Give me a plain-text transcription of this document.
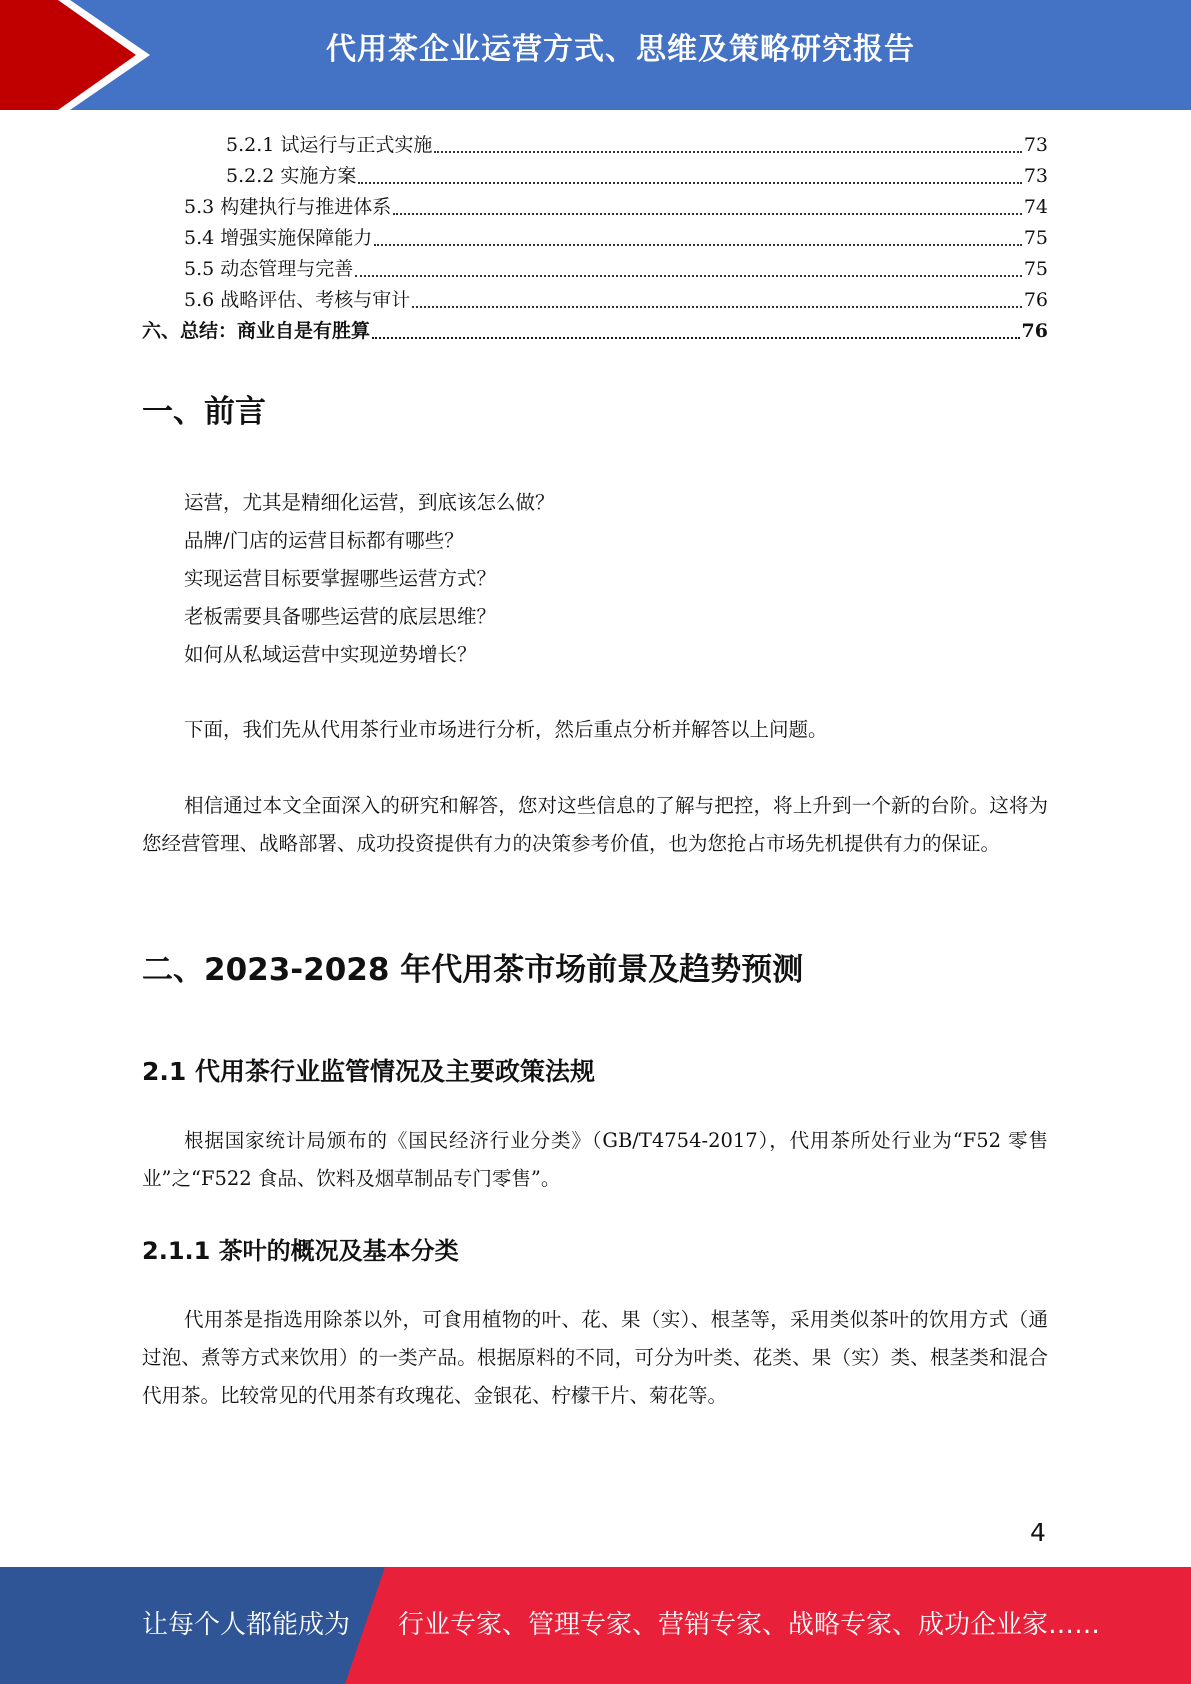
代用茶企业运营方式、思维及策略研究报告
5.2.1 试运行与正式实施	73
5.2.2 实施方案	73
5.3 构建执行与推进体系	74
5.4 增强实施保障能力	75
5.5 动态管理与完善	75
5.6 战略评估、考核与审计	76
六、总结：商业自是有胜算	76
一、前言
运营，尤其是精细化运营，到底该怎么做？
品牌/门店的运营目标都有哪些？
实现运营目标要掌握哪些运营方式？
老板需要具备哪些运营的底层思维？
如何从私域运营中实现逆势增长？

下面，我们先从代用茶行业市场进行分析，然后重点分析并解答以上问题。

相信通过本文全面深入的研究和解答，您对这些信息的了解与把控，将上升到一个新的台阶。这将为您经营管理、战略部署、成功投资提供有力的决策参考价值，也为您抢占市场先机提供有力的保证。

二、2023-2028 年代用茶市场前景及趋势预测
2.1 代用茶行业监管情况及主要政策法规

根据国家统计局颁布的《国民经济行业分类》（GB/T4754-2017），代用茶所处行业为“F52 零售业”之“F522 食品、饮料及烟草制品专门零售”。

2.1.1 茶叶的概况及基本分类

代用茶是指选用除茶以外，可食用植物的叶、花、果（实）、根茎等，采用类似茶叶的饮用方式（通过泡、煮等方式来饮用）的一类产品。根据原料的不同，可分为叶类、花类、果（实）类、根茎类和混合代用茶。比较常见的代用茶有玫瑰花、金银花、柠檬干片、菊花等。

4
让每个人都能成为 行业专家、管理专家、营销专家、战略专家、成功企业家……
